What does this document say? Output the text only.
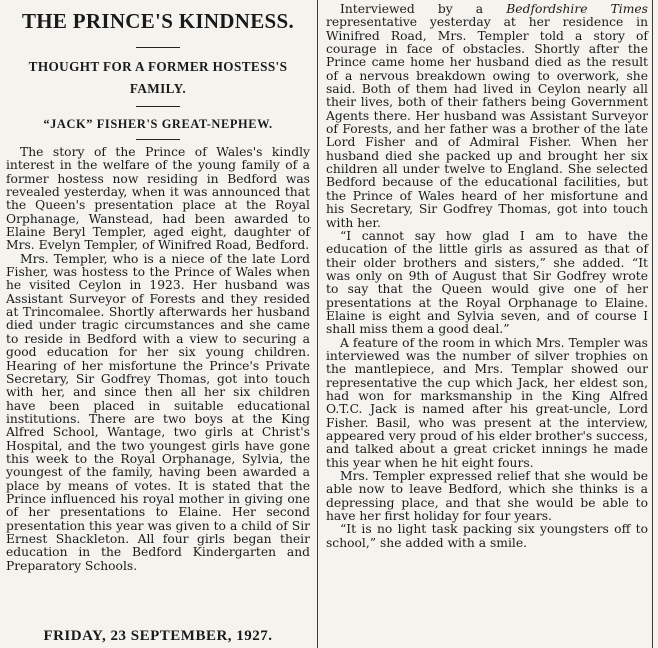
THE PRINCE'S KINDNESS.
THOUGHT FOR A FORMER HOSTESS'S FAMILY.
“JACK” FISHER'S GREAT-NEPHEW.

The story of the Prince of Wales's kindly interest in the welfare of the young family of a former hostess now residing in Bedford was revealed yesterday, when it was announced that the Queen's presentation place at the Royal Orphanage, Wanstead, had been awarded to Elaine Beryl Templer, aged eight, daughter of Mrs. Evelyn Templer, of Winifred Road, Bedford.

Mrs. Templer, who is a niece of the late Lord Fisher, was hostess to the Prince of Wales when he visited Ceylon in 1923. Her husband was Assistant Surveyor of Forests and they resided at Trincomalee. Shortly afterwards her husband died under tragic circumstances and she came to reside in Bedford with a view to securing a good education for her six young children. Hearing of her misfortune the Prince's Private Secretary, Sir Godfrey Thomas, got into touch with her, and since then all her six children have been placed in suitable educational institutions. There are two boys at the King Alfred School, Wantage, two girls at Christ's Hospital, and the two youngest girls have gone this week to the Royal Orphanage, Sylvia, the youngest of the family, having been awarded a place by means of votes. It is stated that the Prince influenced his royal mother in giving one of her presentations to Elaine. Her second presentation this year was given to a child of Sir Ernest Shackleton. All four girls began their education in the Bedford Kindergarten and Preparatory Schools.

FRIDAY, 23 SEPTEMBER, 1927.

Interviewed by a Bedfordshire Times representative yesterday at her residence in Winifred Road, Mrs. Templer told a story of courage in face of obstacles. Shortly after the Prince came home her husband died as the result of a nervous breakdown owing to overwork, she said. Both of them had lived in Ceylon nearly all their lives, both of their fathers being Government Agents there. Her husband was Assistant Surveyor of Forests, and her father was a brother of the late Lord Fisher and of Admiral Fisher. When her husband died she packed up and brought her six children all under twelve to England. She selected Bedford because of the educational facilities, but the Prince of Wales heard of her misfortune and his Secretary, Sir Godfrey Thomas, got into touch with her.

“I cannot say how glad I am to have the education of the little girls as assured as that of their older brothers and sisters,” she added. “It was only on 9th of August that Sir Godfrey wrote to say that the Queen would give one of her presentations at the Royal Orphanage to Elaine. Elaine is eight and Sylvia seven, and of course I shall miss them a good deal.”

A feature of the room in which Mrs. Templer was interviewed was the number of silver trophies on the mantlepiece, and Mrs. Templar showed our representative the cup which Jack, her eldest son, had won for marksmanship in the King Alfred O.T.C. Jack is named after his great-uncle, Lord Fisher. Basil, who was present at the interview, appeared very proud of his elder brother's success, and talked about a great cricket innings he made this year when he hit eight fours.

Mrs. Templer expressed relief that she would be able now to leave Bedford, which she thinks is a depressing place, and that she would be able to have her first holiday for four years.

“It is no light task packing six youngsters off to school,” she added with a smile.
